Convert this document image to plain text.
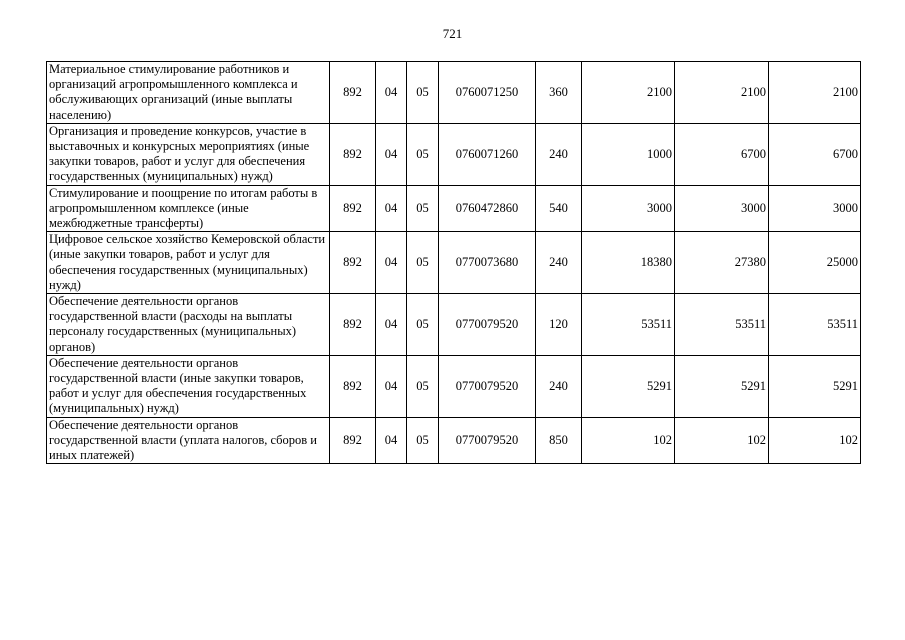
721
Материальное стимулирование работников и организаций агропромышленного комплекса и обслуживающих организаций (иные выплаты населению)	892	04	05	0760071250	360	2100	2100	2100
Организация и проведение конкурсов, участие в выставочных и конкурсных мероприятиях (иные закупки товаров, работ и услуг для обеспечения государственных (муниципальных) нужд)	892	04	05	0760071260	240	1000	6700	6700
Стимулирование и поощрение по итогам работы в агропромышленном комплексе (иные межбюджетные трансферты)	892	04	05	0760472860	540	3000	3000	3000
Цифровое сельское хозяйство Кемеровской области (иные закупки товаров, работ и услуг для обеспечения государственных (муниципальных) нужд)	892	04	05	0770073680	240	18380	27380	25000
Обеспечение деятельности органов государственной власти (расходы на выплаты персоналу государственных (муниципальных) органов)	892	04	05	0770079520	120	53511	53511	53511
Обеспечение деятельности органов государственной власти (иные закупки товаров, работ и услуг для обеспечения государственных (муниципальных) нужд)	892	04	05	0770079520	240	5291	5291	5291
Обеспечение деятельности органов государственной власти (уплата налогов, сборов и иных платежей)	892	04	05	0770079520	850	102	102	102
